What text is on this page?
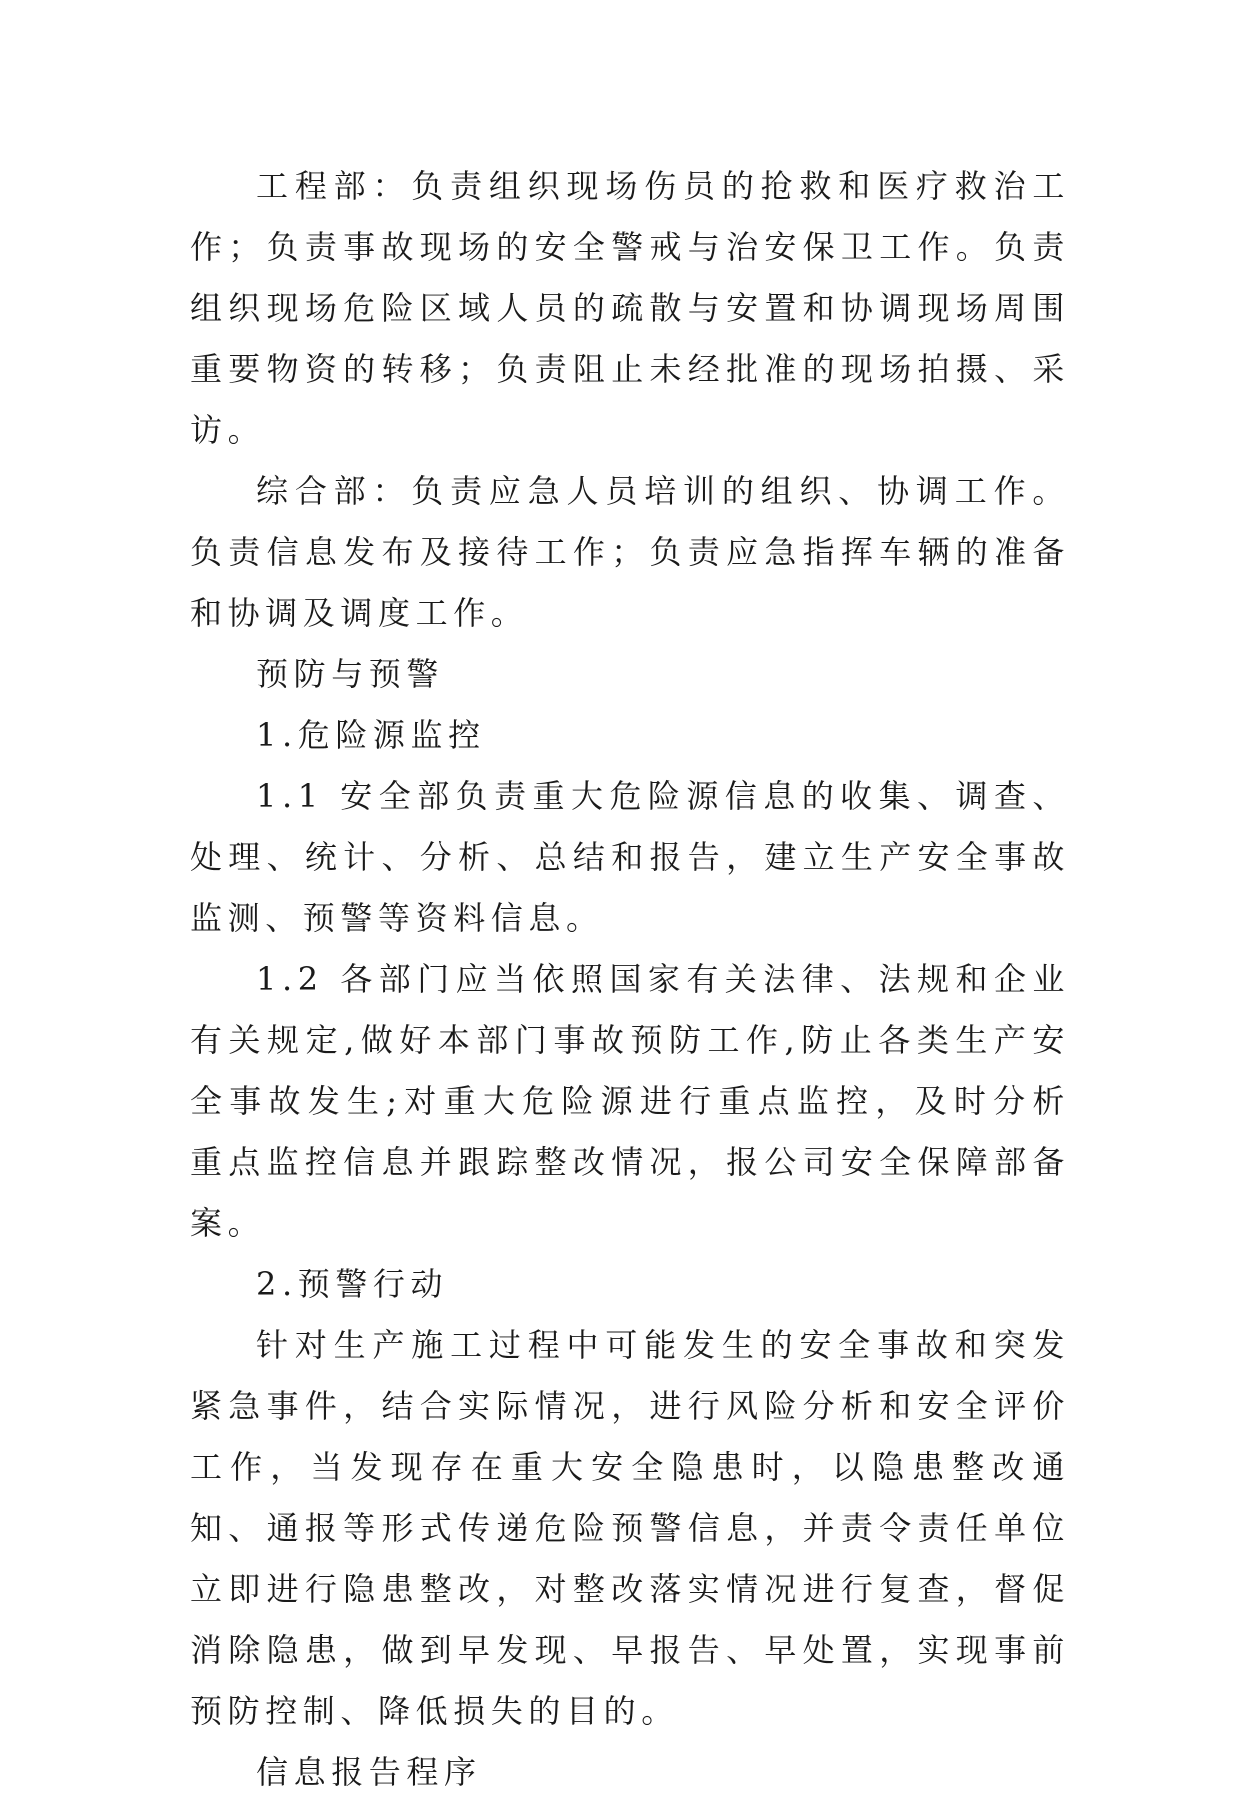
工程部：负责组织现场伤员的抢救和医疗救治工作；负责事故现场的安全警戒与治安保卫工作。负责组织现场危险区域人员的疏散与安置和协调现场周围重要物资的转移；负责阻止未经批准的现场拍摄、采访。

综合部：负责应急人员培训的组织、协调工作。负责信息发布及接待工作；负责应急指挥车辆的准备和协调及调度工作。

预防与预警

1.危险源监控

1.1 安全部负责重大危险源信息的收集、调查、处理、统计、分析、总结和报告，建立生产安全事故监测、预警等资料信息。

1.2 各部门应当依照国家有关法律、法规和企业有关规定,做好本部门事故预防工作,防止各类生产安全事故发生;对重大危险源进行重点监控，及时分析重点监控信息并跟踪整改情况，报公司安全保障部备案。

2.预警行动

针对生产施工过程中可能发生的安全事故和突发紧急事件，结合实际情况，进行风险分析和安全评价工作，当发现存在重大安全隐患时，以隐患整改通知、通报等形式传递危险预警信息，并责令责任单位立即进行隐患整改，对整改落实情况进行复查，督促消除隐患，做到早发现、早报告、早处置，实现事前预防控制、降低损失的目的。

信息报告程序
